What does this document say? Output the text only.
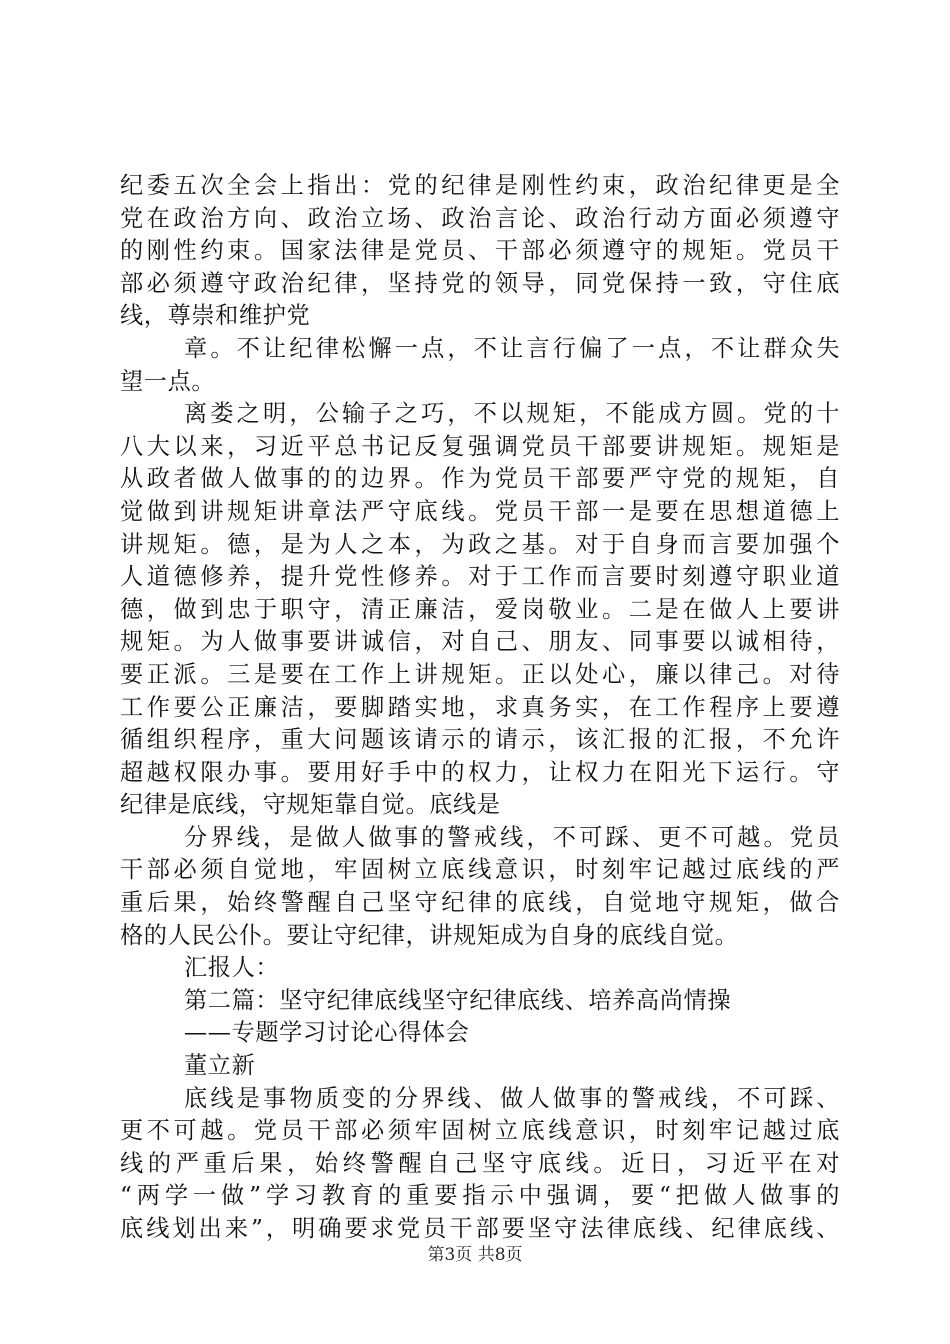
纪委五次全会上指出：党的纪律是刚性约束，政治纪律更是全
党在政治方向、政治立场、政治言论、政治行动方面必须遵守
的刚性约束。国家法律是党员、干部必须遵守的规矩。党员干
部必须遵守政治纪律，坚持党的领导，同党保持一致，守住底
线，尊崇和维护党
章。不让纪律松懈一点，不让言行偏了一点，不让群众失
望一点。
离娄之明，公输子之巧，不以规矩，不能成方圆。党的十
八大以来，习近平总书记反复强调党员干部要讲规矩。规矩是
从政者做人做事的的边界。作为党员干部要严守党的规矩，自
觉做到讲规矩讲章法严守底线。党员干部一是要在思想道德上
讲规矩。德，是为人之本，为政之基。对于自身而言要加强个
人道德修养，提升党性修养。对于工作而言要时刻遵守职业道
德，做到忠于职守，清正廉洁，爱岗敬业。二是在做人上要讲
规矩。为人做事要讲诚信，对自己、朋友、同事要以诚相待，
要正派。三是要在工作上讲规矩。正以处心，廉以律己。对待
工作要公正廉洁，要脚踏实地，求真务实，在工作程序上要遵
循组织程序，重大问题该请示的请示，该汇报的汇报，不允许
超越权限办事。要用好手中的权力，让权力在阳光下运行。守
纪律是底线，守规矩靠自觉。底线是
分界线，是做人做事的警戒线，不可踩、更不可越。党员
干部必须自觉地，牢固树立底线意识，时刻牢记越过底线的严
重后果，始终警醒自己坚守纪律的底线，自觉地守规矩，做合
格的人民公仆。要让守纪律，讲规矩成为自身的底线自觉。
汇报人：
第二篇：坚守纪律底线坚守纪律底线、培养高尚情操
——专题学习讨论心得体会
董立新
底线是事物质变的分界线、做人做事的警戒线，不可踩、
更不可越。党员干部必须牢固树立底线意识，时刻牢记越过底
线的严重后果，始终警醒自己坚守底线。近日，习近平在对
“两学一做”学习教育的重要指示中强调，要“把做人做事的
底线划出来”，明确要求党员干部要坚守法律底线、纪律底线、
第3页 共8页
